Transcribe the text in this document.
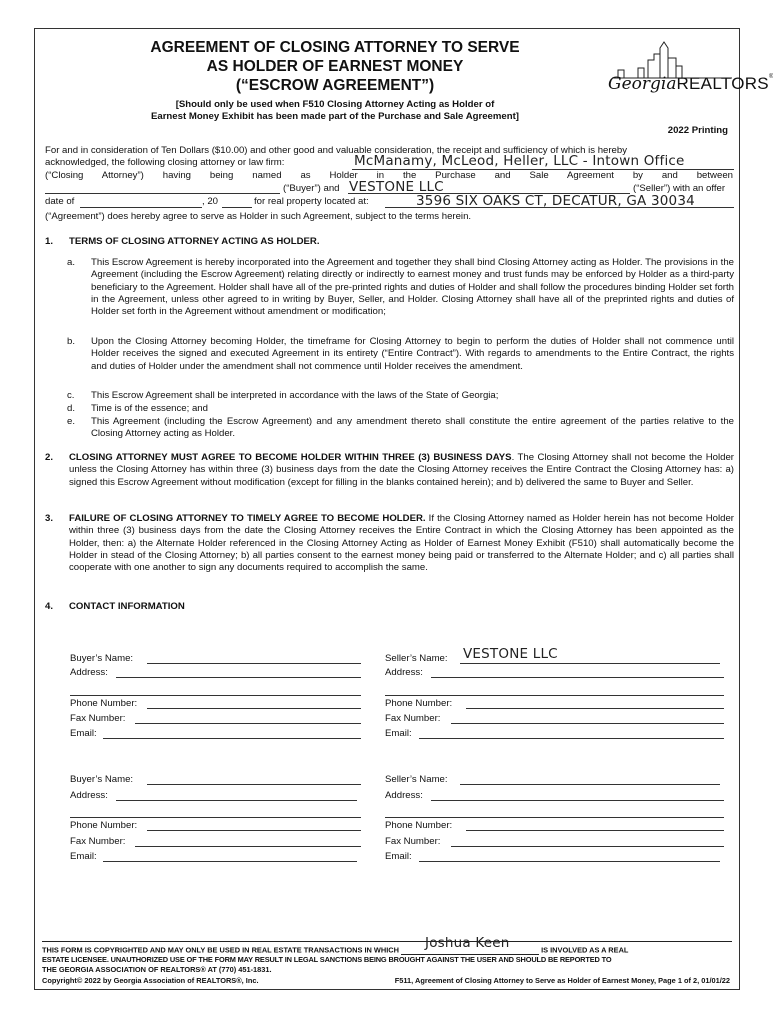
AGREEMENT OF CLOSING ATTORNEY TO SERVE
AS HOLDER OF EARNEST MONEY
(“ESCROW AGREEMENT”)
[Should only be used when F510 Closing Attorney Acting as Holder of
Earnest Money Exhibit has been made part of the Purchase and Sale Agreement]
GeorgiaREALTORS®
2022 Printing
For and in consideration of Ten Dollars ($10.00) and other good and valuable consideration, the receipt and sufficiency of which is hereby
acknowledged, the following closing attorney or law firm:	McManamy, McLeod, Heller, LLC - Intown Office
(“Closing Attorney”) having being named as Holder in the Purchase and Sale Agreement by and between
(“Buyer”) and VESTONE LLC	(“Seller”) with an offer
date of	, 20	for real property located at:	3596 SIX OAKS CT, DECATUR, GA 30034
(“Agreement”) does hereby agree to serve as Holder in such Agreement, subject to the terms herein.
1. TERMS OF CLOSING ATTORNEY ACTING AS HOLDER.
a. This Escrow Agreement is hereby incorporated into the Agreement and together they shall bind Closing Attorney acting as Holder. The provisions in the Agreement (including the Escrow Agreement) relating directly or indirectly to earnest money and trust funds may be enforced by Holder as a third-party beneficiary to the Agreement. Holder shall have all of the pre-printed rights and duties of Holder and shall follow the procedures binding Holder set forth in the Agreement, unless other agreed to in writing by Buyer, Seller, and Holder. Closing Attorney shall have all of the preprinted rights and duties of Holder set forth in the Agreement without amendment or modification;
b. Upon the Closing Attorney becoming Holder, the timeframe for Closing Attorney to begin to perform the duties of Holder shall not commence until Holder receives the signed and executed Agreement in its entirety (“Entire Contract”). With regards to amendments to the Entire Contract, the rights and duties of Holder under the amendment shall not commence until Holder receives the amendment.
c. This Escrow Agreement shall be interpreted in accordance with the laws of the State of Georgia;
d. Time is of the essence; and
e. This Agreement (including the Escrow Agreement) and any amendment thereto shall constitute the entire agreement of the parties relative to the Closing Attorney acting as Holder.
2. CLOSING ATTORNEY MUST AGREE TO BECOME HOLDER WITHIN THREE (3) BUSINESS DAYS. The Closing Attorney shall not become the Holder unless the Closing Attorney has within three (3) business days from the date the Closing Attorney receives the Entire Contract the Closing Attorney has: a) signed this Escrow Agreement without modification (except for filling in the blanks contained herein); and b) delivered the same to Buyer and Seller.
3. FAILURE OF CLOSING ATTORNEY TO TIMELY AGREE TO BECOME HOLDER. If the Closing Attorney named as Holder herein has not become Holder within three (3) business days from the date the Closing Attorney receives the Entire Contract in which the Closing Attorney has been appointed as the Holder, then: a) the Alternate Holder referenced in the Closing Attorney Acting as Holder of Earnest Money Exhibit (F510) shall automatically become the Holder in stead of the Closing Attorney; b) all parties consent to the earnest money being paid or transferred to the Alternate Holder; and c) all parties shall cooperate with one another to sign any documents required to accomplish the same.
4. CONTACT INFORMATION
Buyer’s Name:
Address:
Phone Number:
Fax Number:
Email:
Seller’s Name: VESTONE LLC
Address:
Phone Number:
Fax Number:
Email:
Buyer’s Name:
Address:
Phone Number:
Fax Number:
Email:
Seller’s Name:
Address:
Phone Number:
Fax Number:
Email:
THIS FORM IS COPYRIGHTED AND MAY ONLY BE USED IN REAL ESTATE TRANSACTIONS IN WHICH Joshua Keen	IS INVOLVED AS A REAL
ESTATE LICENSEE. UNAUTHORIZED USE OF THE FORM MAY RESULT IN LEGAL SANCTIONS BEING BROUGHT AGAINST THE USER AND SHOULD BE REPORTED TO
THE GEORGIA ASSOCIATION OF REALTORS® AT (770) 451-1831.
Copyright© 2022 by Georgia Association of REALTORS®, Inc.	F511, Agreement of Closing Attorney to Serve as Holder of Earnest Money, Page 1 of 2, 01/01/22
